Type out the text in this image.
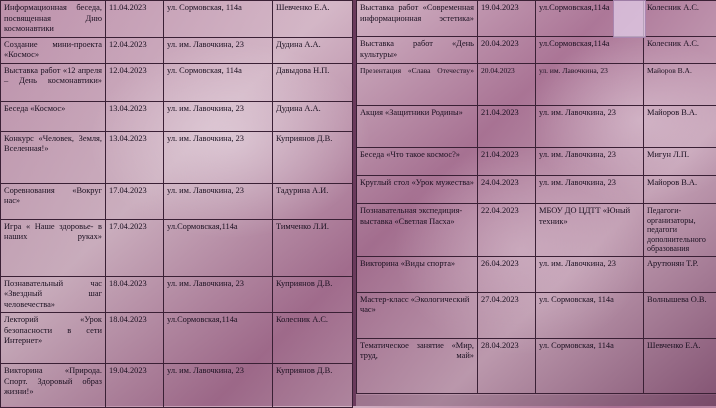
Информационная беседа, посвященная Дню космонавтики	11.04.2023	ул. Сормовская, 114а	Шевченко Е.А.
Создание мини-проекта «Космос»	12.04.2023	ул. им. Лавочкина, 23	Дудина А.А.
Выставка работ «12 апреля – День космонавтики»	12.04.2023	ул. Сормовская, 114а	Давыдова Н.П.
Беседа «Космос»	13.04.2023	ул. им. Лавочкина, 23	Дудина А.А.
Конкурс «Человек, Земля, Вселенная!»	13.04.2023	ул. им. Лавочкина, 23	Куприянов Д.В.
Соревнования «Вокруг нас»	17.04.2023	ул. им. Лавочкина, 23	Тадурина А.И.
Игра « Наше здоровье- в наших руках»	17.04.2023	ул.Сормовская,114а	Тимченко Л.И.
Познавательный час «Звездный шаг человечества»	18.04.2023	ул. им. Лавочкина, 23	Куприянов Д.В.
Лекторий «Урок безопасности в сети Интернет»	18.04.2023	ул.Сормовская,114а	Колесник А.С.
Викторина «Природа. Спорт. Здоровый образ жизни!»	19.04.2023	ул. им. Лавочкина, 23	Куприянов Д.В.
Выставка работ «Современная информационная эстетика»	19.04.2023	ул.Сормовская,114а	Колесник А.С.
Выставка работ «День культуры»	20.04.2023	ул.Сормовская,114а	Колесник А.С.
Презентация «Слава Отечеству»	20.04.2023	ул. им. Лавочкина, 23	Майоров В.А.
Акция «Защитники Родины»	21.04.2023	ул. им. Лавочкина, 23	Майоров В.А.
Беседа «Что такое космос?»	21.04.2023	ул. им. Лавочкина, 23	Мигун Л.П.
Круглый стол «Урок мужества»	24.04.2023	ул. им. Лавочкина, 23	Майоров В.А.
Познавательная экспедиция-выставка «Светлая Пасха»	22.04.2023	МБОУ ДО ЦДТТ «Юный техник»	Педагоги-организаторы, педагоги дополнительного образования
Викторина «Виды спорта»	26.04.2023	ул. им. Лавочкина, 23	Арутюнян Т.Р.
Мастер-класс «Экологический час»	27.04.2023	ул. Сормовская, 114а	Волнышева О.В.
Тематическое занятие «Мир, труд, май»	28.04.2023	ул. Сормовская, 114а	Шевченко Е.А.
